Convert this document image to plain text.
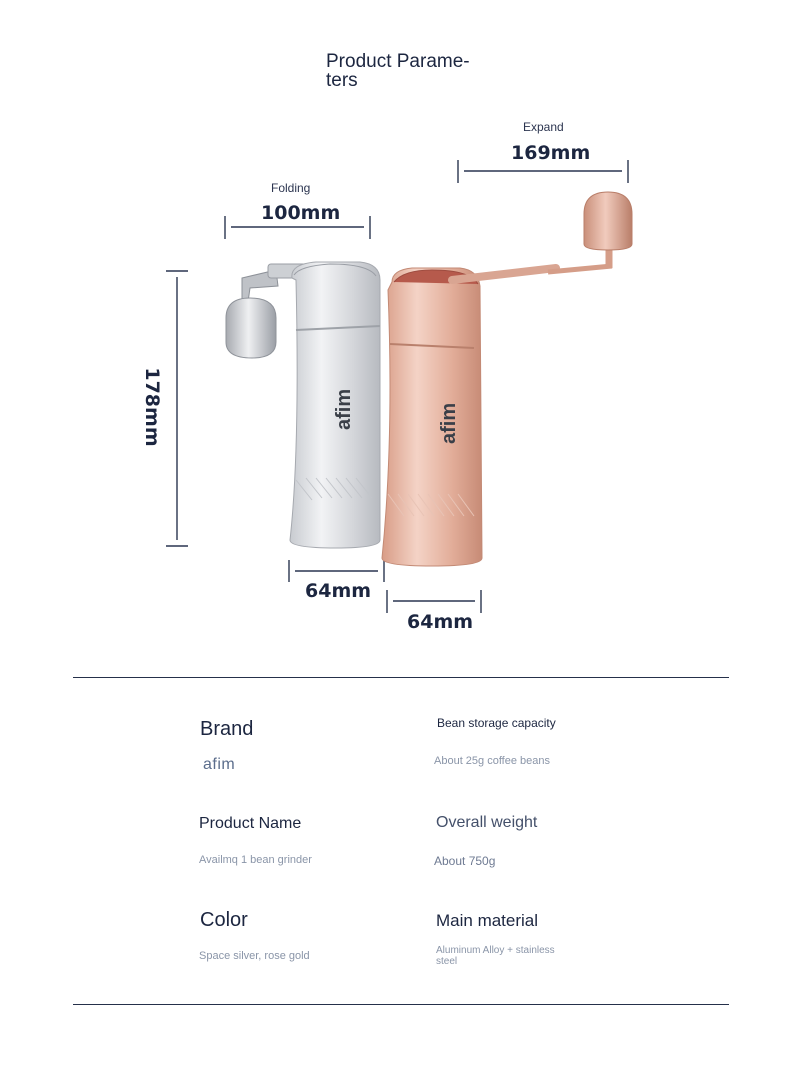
Product Parame-
ters
Expand
169mm
Folding
100mm
178mm
64mm
64mm
afim	afim
Brand
afim
Bean storage capacity
About 25g coffee beans
Product Name
Availmq 1 bean grinder
Overall weight
About 750g
Color
Space silver, rose gold
Main material
Aluminum Alloy + stainless
steel
